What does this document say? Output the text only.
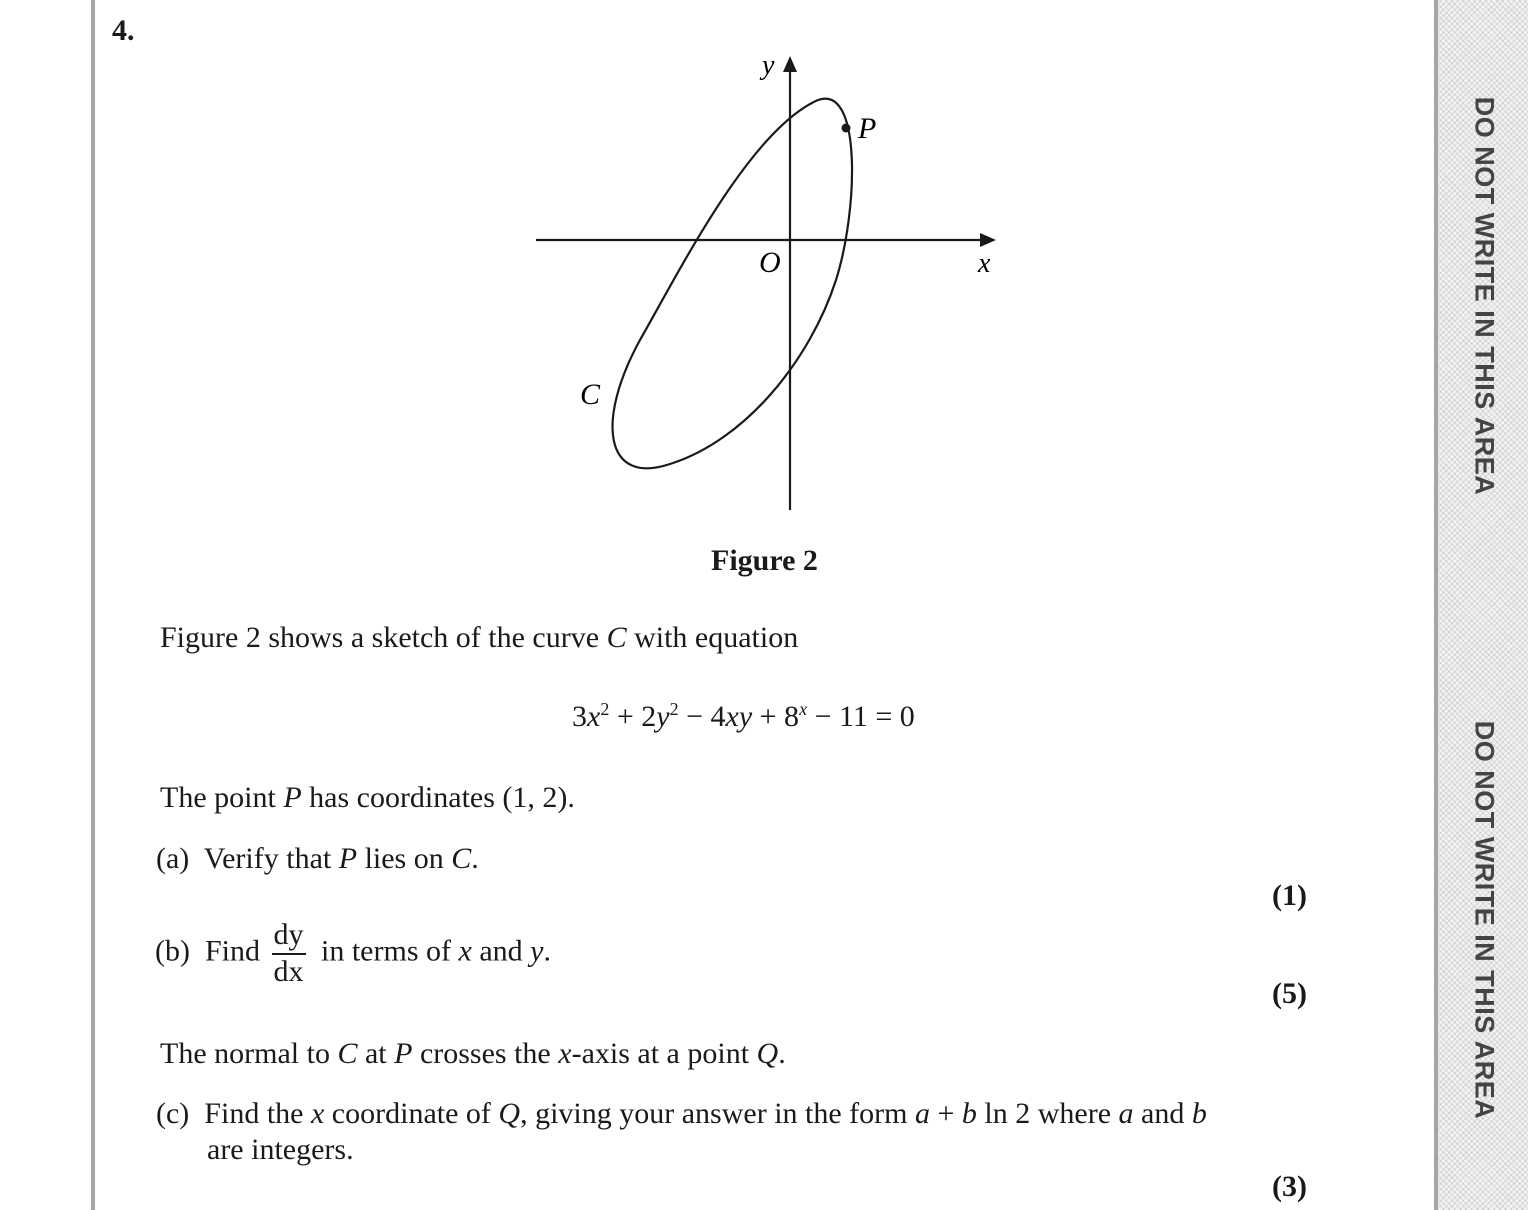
DO NOT WRITE IN THIS AREA
DO NOT WRITE IN THIS AREA
4.
y
x
O
P
C
Figure 2
Figure 2 shows a sketch of the curve C with equation
$3x^2 + 2y^2 - 4xy + 8^x - 11 = 0$
The point P has coordinates (1, 2).
(a) Verify that P lies on C.
(1)
(b) Find $\frac{dy}{dx}$ in terms of x and y.
(5)
The normal to C at P crosses the x-axis at a point Q.
(c) Find the x coordinate of Q, giving your answer in the form a + b ln 2 where a and b
are integers.
(3)
